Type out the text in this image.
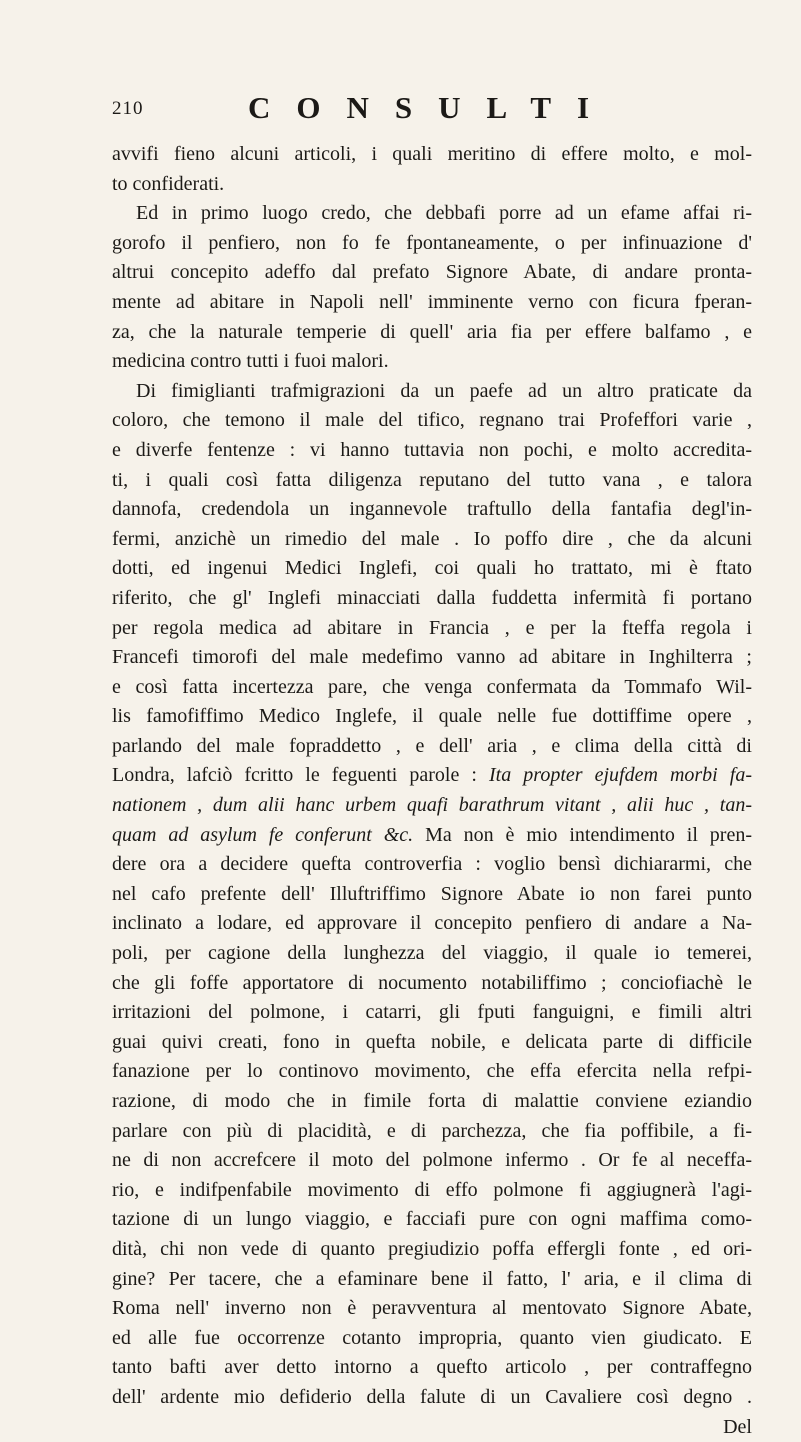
210	CONSULTI
avvifi fieno alcuni articoli, i quali meritino di effere molto, e mol-
to confiderati.
Ed in primo luogo credo, che debbafi porre ad un efame affai ri-
gorofo il penfiero, non fo fe fpontaneamente, o per infinuazione d'
altrui concepito adeffo dal prefato Signore Abate, di andare pronta-
mente ad abitare in Napoli nell' imminente verno con ficura fperan-
za, che la naturale temperie di quell' aria fia per effere balfamo , e
medicina contro tutti i fuoi malori.
Di fimiglianti trafmigrazioni da un paefe ad un altro praticate da
coloro, che temono il male del tifico, regnano trai Profeffori varie ,
e diverfe fentenze : vi hanno tuttavia non pochi, e molto accredita-
ti, i quali così fatta diligenza reputano del tutto vana , e talora
dannofa, credendola un ingannevole traftullo della fantafia degl'in-
fermi, anzichè un rimedio del male . Io poffo dire , che da alcuni
dotti, ed ingenui Medici Inglefi, coi quali ho trattato, mi è ftato
riferito, che gl' Inglefi minacciati dalla fuddetta infermità fi portano
per regola medica ad abitare in Francia , e per la fteffa regola i
Francefi timorofi del male medefimo vanno ad abitare in Inghilterra ;
e così fatta incertezza pare, che venga confermata da Tommafo Wil-
lis famofiffimo Medico Inglefe, il quale nelle fue dottiffime opere ,
parlando del male fopraddetto , e dell' aria , e clima della città di
Londra, lafciò fcritto le feguenti parole : Ita propter ejufdem morbi fa-
nationem , dum alii hanc urbem quafi barathrum vitant , alii huc , tan-
quam ad asylum fe conferunt &c. Ma non è mio intendimento il pren-
dere ora a decidere quefta controverfia : voglio bensì dichiararmi, che
nel cafo prefente dell' Illuftriffimo Signore Abate io non farei punto
inclinato a lodare, ed approvare il concepito penfiero di andare a Na-
poli, per cagione della lunghezza del viaggio, il quale io temerei,
che gli foffe apportatore di nocumento notabiliffimo ; conciofiachè le
irritazioni del polmone, i catarri, gli fputi fanguigni, e fimili altri
guai quivi creati, fono in quefta nobile, e delicata parte di difficile
fanazione per lo continovo movimento, che effa efercita nella refpi-
razione, di modo che in fimile forta di malattie conviene eziandio
parlare con più di placidità, e di parchezza, che fia poffibile, a fi-
ne di non accrefcere il moto del polmone infermo . Or fe al neceffa-
rio, e indifpenfabile movimento di effo polmone fi aggiugnerà l'agi-
tazione di un lungo viaggio, e facciafi pure con ogni maffima como-
dità, chi non vede di quanto pregiudizio poffa effergli fonte , ed ori-
gine? Per tacere, che a efaminare bene il fatto, l' aria, e il clima di
Roma nell' inverno non è peravventura al mentovato Signore Abate,
ed alle fue occorrenze cotanto impropria, quanto vien giudicato. E
tanto bafti aver detto intorno a quefto articolo , per contraffegno
dell' ardente mio defiderio della falute di un Cavaliere così degno .
Del
